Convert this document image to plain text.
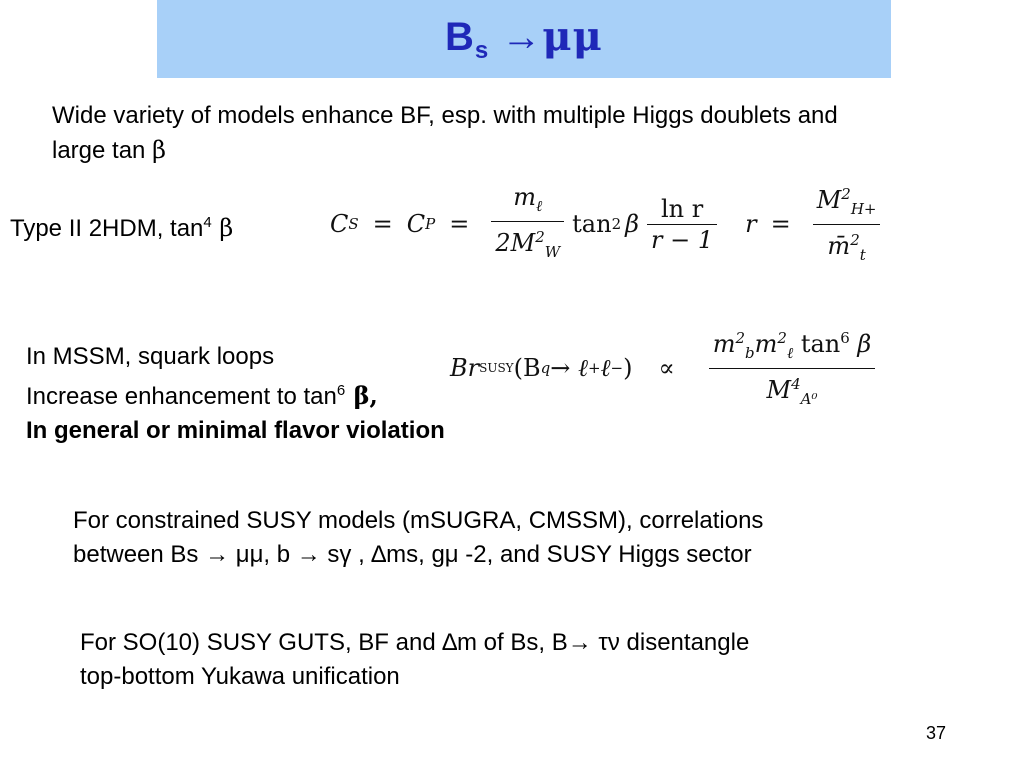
$B_s \to\mu\mu$
Wide variety of models enhance BF, esp. with multiple Higgs doublets and
large tan β
Type II 2HDM, $\tan^4 \beta$	C S = C $P = \frac{m_\ell}{2M^2_W}$ tan 2 β $\frac{\text{ln r}}{r - 1}$ $r = \frac{M^2_{H+}}{m̄^2_t}$
In MSSM, squark loops
Increase enhancement to $\tan^6 \beta$,
In general or minimal flavor violation
Br SUSY (B q → ℓ + ℓ − ) ∝ $\frac{m^2_bm^2_\ell \tan^6 \beta}{M^4_{A^0}}$
For constrained SUSY models (mSUGRA, CMSSM), correlations
between Bs → μμ, b → sγ , ∆ms, gμ -2, and SUSY Higgs sector
For SO(10) SUSY GUTS, BF and ∆m of Bs, B→ τν disentangle
top-bottom Yukawa unification
37
